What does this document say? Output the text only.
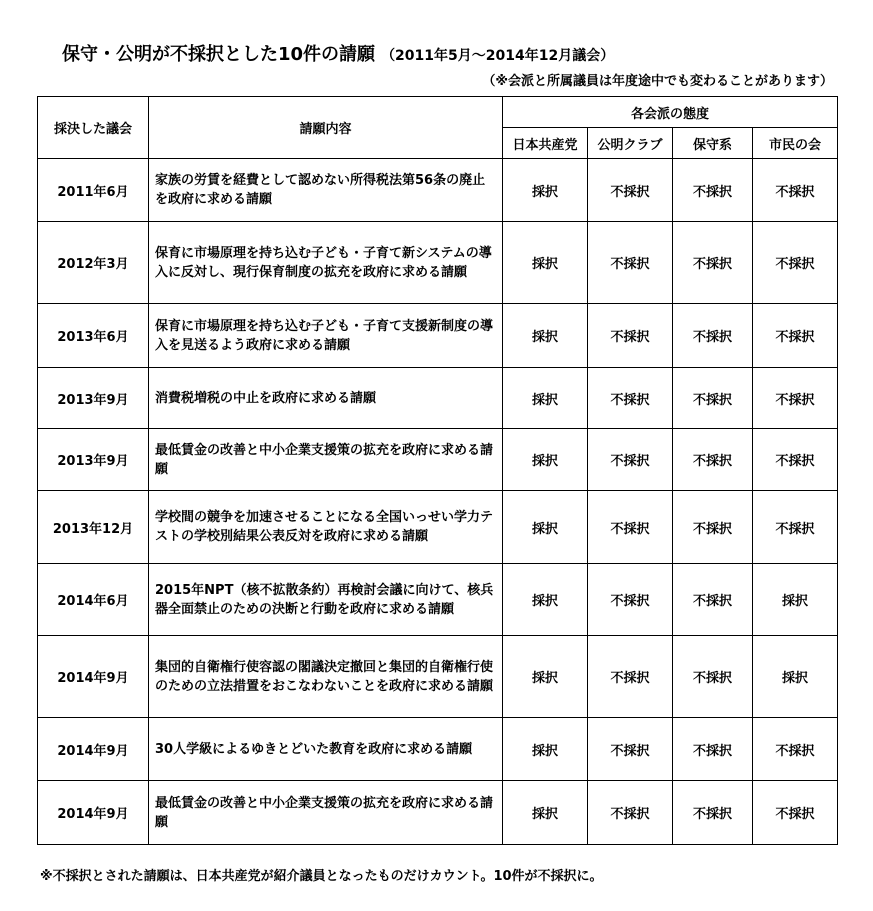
保守・公明が不採択とした10件の請願 （2011年5月～2014年12月議会）
（※会派と所属議員は年度途中でも変わることがあります）
採決した議会	請願内容	各会派の態度			
		日本共産党	公明クラブ	保守系	市民の会
2011年6月	家族の労賃を経費として認めない所得税法第56条の廃止を政府に求める請願	採択	不採択	不採択	不採択
2012年3月	保育に市場原理を持ち込む子ども・子育て新システムの導入に反対し、現行保育制度の拡充を政府に求める請願	採択	不採択	不採択	不採択
2013年6月	保育に市場原理を持ち込む子ども・子育て支援新制度の導入を見送るよう政府に求める請願	採択	不採択	不採択	不採択
2013年9月	消費税増税の中止を政府に求める請願	採択	不採択	不採択	不採択
2013年9月	最低賃金の改善と中小企業支援策の拡充を政府に求める請願	採択	不採択	不採択	不採択
2013年12月	学校間の競争を加速させることになる全国いっせい学力テストの学校別結果公表反対を政府に求める請願	採択	不採択	不採択	不採択
2014年6月	2015年NPT（核不拡散条約）再検討会議に向けて、核兵器全面禁止のための決断と行動を政府に求める請願	採択	不採択	不採択	採択
2014年9月	集団的自衛権行使容認の閣議決定撤回と集団的自衛権行使のための立法措置をおこなわないことを政府に求める請願	採択	不採択	不採択	採択
2014年9月	30人学級によるゆきとどいた教育を政府に求める請願	採択	不採択	不採択	不採択
2014年9月	最低賃金の改善と中小企業支援策の拡充を政府に求める請願	採択	不採択	不採択	不採択
※不採択とされた請願は、日本共産党が紹介議員となったものだけカウント。10件が不採択に。
